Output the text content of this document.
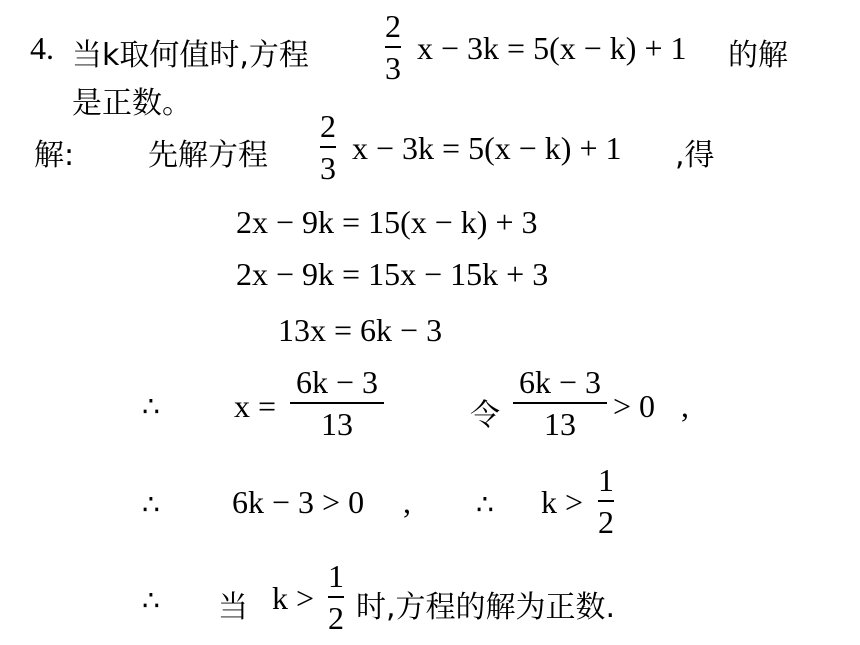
4. 当k取何值时,方程
2
3
x − 3k = 5(x − k) + 1 的解
是正数。
解: 先解方程
2
3
x − 3k = 5(x − k) + 1 ,得
2x − 9k = 15(x − k) + 3
2x − 9k = 15x − 15k + 3
13x = 6k − 3
∴ x =
6k − 3
13	令
6k − 3
13	> 0 ,
∴ 6k − 3 > 0 , ∴ k >
1
2
∴ 当 k >
1
2 时,方程的解为正数.
